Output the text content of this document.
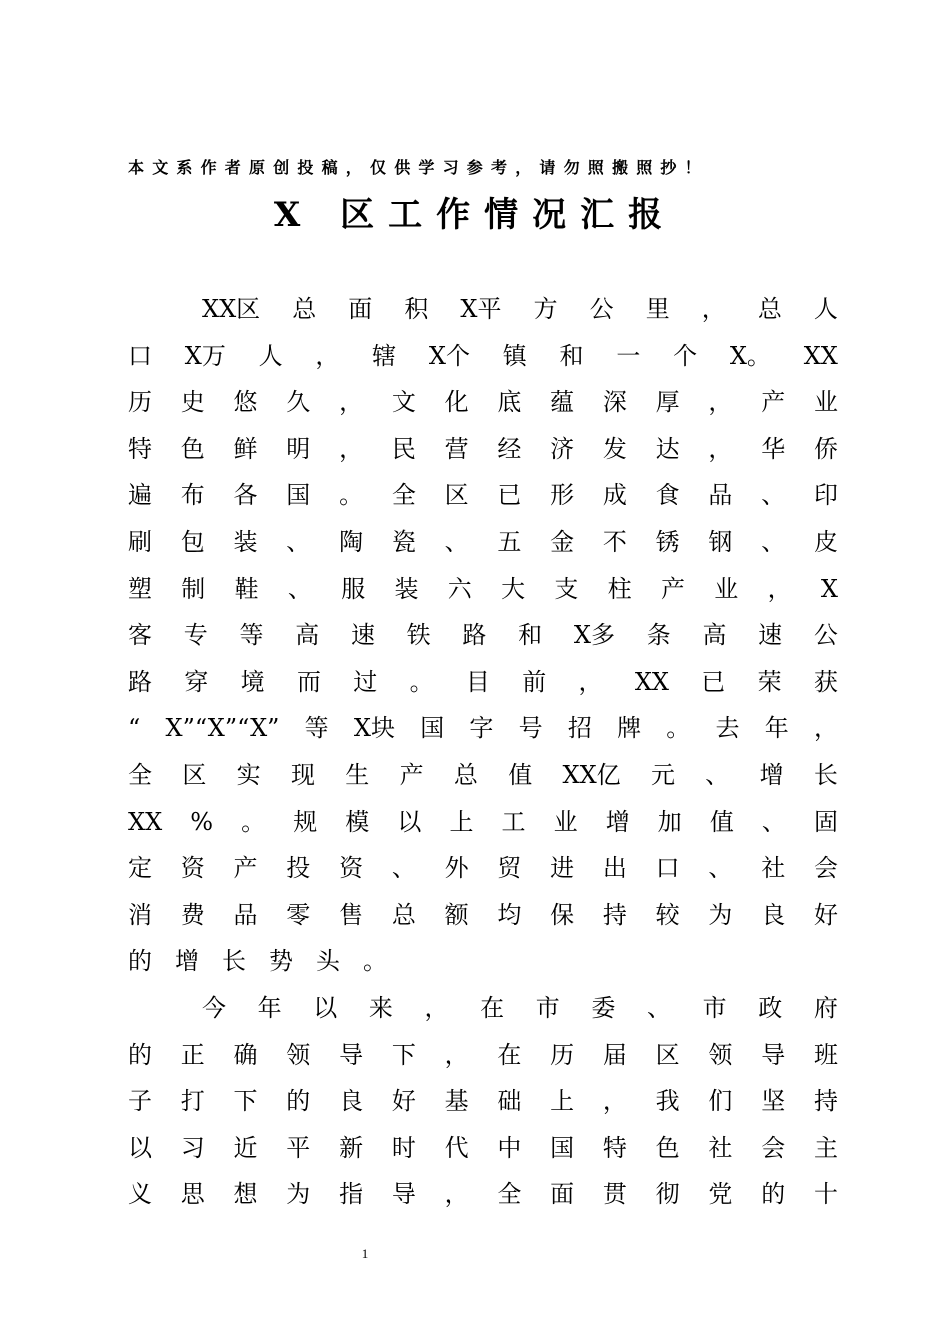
本文系作者原创投稿，仅供学习参考，请勿照搬照抄！
X 区工作情况汇报
XX区 总 面 积 X平 方 公 里 ， 总 人
口 X万 人 ， 辖 X个 镇 和 一 个 X。 XX
历 史 悠 久 ， 文 化 底 蕴 深 厚 ， 产 业
特 色 鲜 明 ， 民 营 经 济 发 达 ， 华 侨
遍 布 各 国 。 全 区 已 形 成 食 品 、 印
刷 包 装 、 陶 瓷 、 五 金 不 锈 钢 、 皮
塑 制 鞋 、 服 装 六 大 支 柱 产 业 ， X
客 专 等 高 速 铁 路 和 X多 条 高 速 公
路 穿 境 而 过 。 目 前 ， XX 已 荣 获
“ X”“X”“X” 等 X块 国 字 号 招 牌 。 去 年 ，
全 区 实 现 生 产 总 值 XX亿 元 、 增 长
XX % 。 规 模 以 上 工 业 增 加 值 、 固
定 资 产 投 资 、 外 贸 进 出 口 、 社 会
消 费 品 零 售 总 额 均 保 持 较 为 良 好
的 增 长 势 头 。
今 年 以 来 ， 在 市 委 、 市 政 府
的 正 确 领 导 下 ， 在 历 届 区 领 导 班
子 打 下 的 良 好 基 础 上 ， 我 们 坚 持
以 习 近 平 新 时 代 中 国 特 色 社 会 主
义 思 想 为 指 导 ， 全 面 贯 彻 党 的 十
1
